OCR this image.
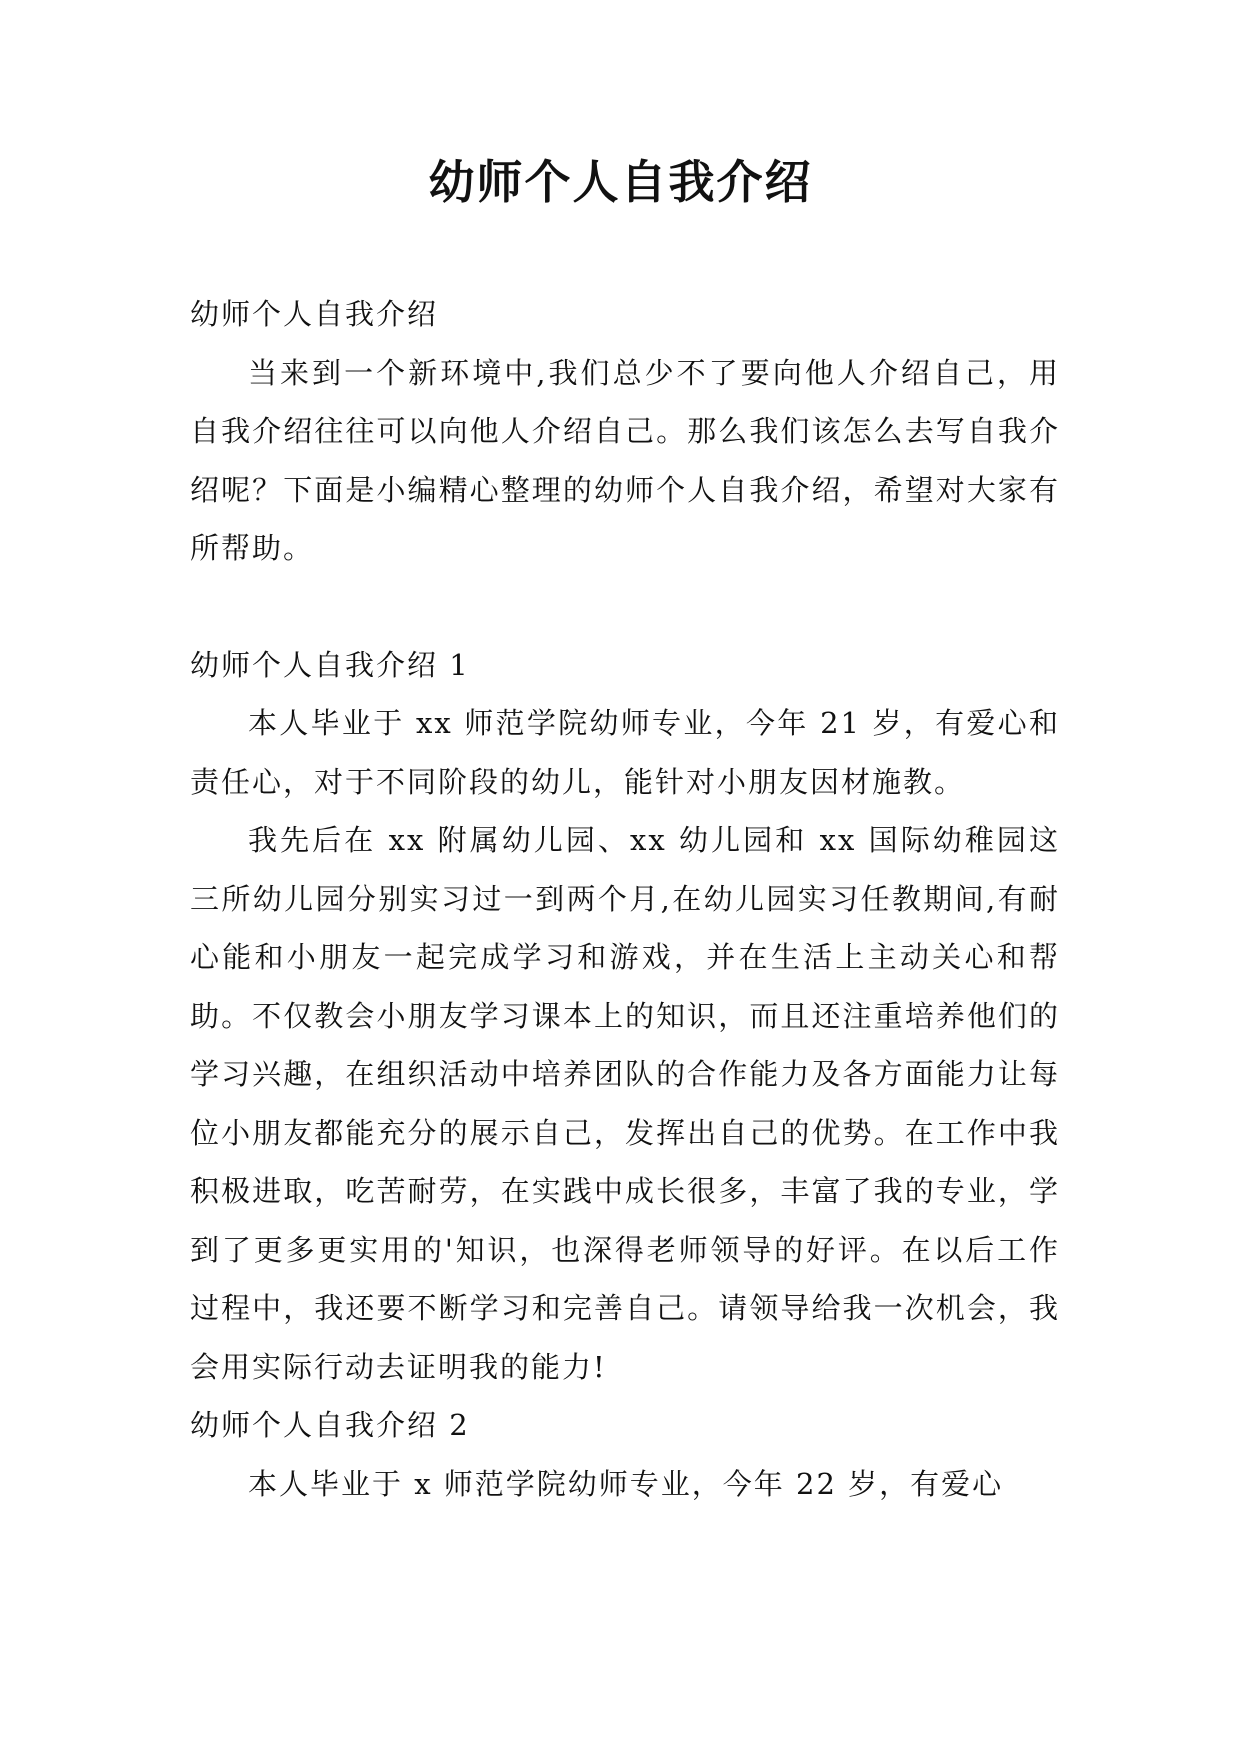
幼师个人自我介绍

幼师个人自我介绍

当来到一个新环境中,我们总少不了要向他人介绍自己，用自我介绍往往可以向他人介绍自己。那么我们该怎么去写自我介绍呢？下面是小编精心整理的幼师个人自我介绍，希望对大家有所帮助。

幼师个人自我介绍 1

本人毕业于 xx 师范学院幼师专业，今年 21 岁，有爱心和责任心，对于不同阶段的幼儿，能针对小朋友因材施教。

我先后在 xx 附属幼儿园、xx 幼儿园和 xx 国际幼稚园这三所幼儿园分别实习过一到两个月,在幼儿园实习任教期间,有耐心能和小朋友一起完成学习和游戏，并在生活上主动关心和帮助。不仅教会小朋友学习课本上的知识，而且还注重培养他们的学习兴趣，在组织活动中培养团队的合作能力及各方面能力让每位小朋友都能充分的展示自己，发挥出自己的优势。在工作中我积极进取，吃苦耐劳，在实践中成长很多，丰富了我的专业，学到了更多更实用的'知识，也深得老师领导的好评。在以后工作过程中，我还要不断学习和完善自己。请领导给我一次机会，我会用实际行动去证明我的能力!

幼师个人自我介绍 2

本人毕业于 x 师范学院幼师专业，今年 22 岁，有爱心
